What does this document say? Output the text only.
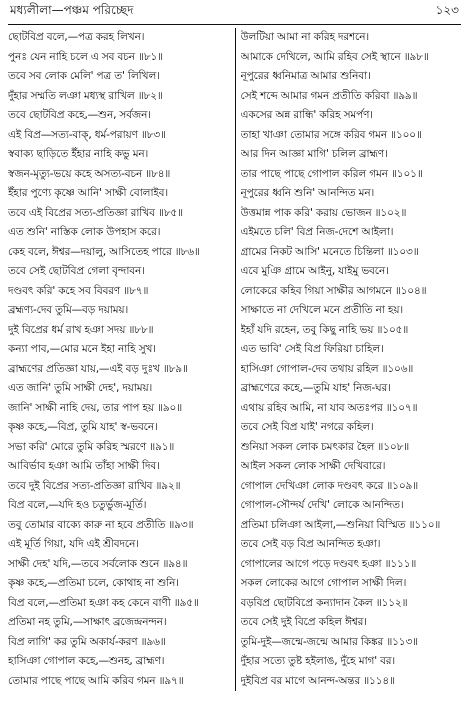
মধ্যলীলা—পঞ্চম পরিচ্ছেদ	১২৩
ছোটবিপ্র বলে,—পত্র করহ লিখন।
পুনঃ যেন নাহি চলে এ সব বচন ॥৮১॥
তবে সব লোক মেলি' পত্র ত' লিখিল।
দুঁহার সম্মতি লঞা মধ্যস্থ রাখিল ॥৮২॥
তবে ছোটবিপ্র কহে,—শুন, সর্বজন।
এই বিপ্র—সত্য-বাক্, ধর্ম-পরায়ণ ॥৮৩॥
স্ববাক্য ছাড়িতে ইঁহার নাহি কভু মন।
স্বজন-মৃত্যু-ভয়ে কহে অসত্য-বচন ॥৮৪॥
ইঁহার পুণ্যে কৃষ্ণে আনি' সাক্ষী বোলাইব।
তবে এই বিপ্রের সত্য-প্রতিজ্ঞা রাখিব ॥৮৫॥
এত শুনি' নাস্তিক লোক উপহাস করে।
কেহ বলে, ঈশ্বর—দয়ালু, আসিতেহ পারে ॥৮৬॥
তবে সেই ছোটবিপ্র গেলা বৃন্দাবন।
দণ্ডবৎ করি' কহে সব বিবরণ ॥৮৭॥
ব্রহ্মণ্য-দেব তুমি—বড় দয়াময়।
দুই বিপ্রের ধর্ম রাখ হঞা সদয় ॥৮৮॥
কন্যা পাব,—মোর মনে ইহা নাহি সুখ।
ব্রাহ্মণের প্রতিজ্ঞা যায়,—এই বড় দুঃখ ॥৮৯॥
এত জানি' তুমি সাক্ষী দেহ', দয়াময়।
জানি' সাক্ষী নাহি দেয়, তার পাপ হয় ॥৯০॥
কৃষ্ণ কহে,—বিপ্র, তুমি যাহ' স্ব-ভবনে।
সভা করি' মোরে তুমি করিহ স্মরণে ॥৯১॥
আবির্ভাব হঞা আমি তাঁহা সাক্ষী দিব।
তবে দুই বিপ্রের সত্য-প্রতিজ্ঞা রাখিব ॥৯২॥
বিপ্র বলে,—যদি হও চতুর্ভুজ-মূর্তি।
তবু তোমার বাক্যে কারু না হবে প্রতীতি ॥৯৩॥
এই মূর্তি গিয়া, যদি এই শ্রীবদনে।
সাক্ষী দেহ' যদি,—তবে সর্বলোক শুনে ॥৯৪॥
কৃষ্ণ কহে,—প্রতিমা চলে, কোথাহ না শুনি।
বিপ্র বলে,—প্রতিমা হঞা কহ কেনে বাণী ॥৯৫॥
প্রতিমা নহ তুমি,—সাক্ষাৎ ব্রজেন্দ্রনন্দন।
বিপ্র লাগি' কর তুমি অকার্য-করণ ॥৯৬॥
হাসিঞা গোপাল কহে,—শুনহ, ব্রাহ্মণ।
তোমার পাছে পাছে আমি করিব গমন ॥৯৭॥
উলটিয়া আমা না করিহ দরশনে।
আমাকে দেখিলে, আমি রহিব সেই স্থানে ॥৯৮॥
নূপুরের ধ্বনিমাত্র আমার শুনিবা।
সেই শব্দে আমার গমন প্রতীতি করিবা ॥৯৯॥
একসের অন্ন রান্ধি' করিহ সমর্পণ।
তাহা খাঞা তোমার সঙ্গে করিব গমন ॥১০০॥
আর দিন আজ্ঞা মাগি' চলিল ব্রাহ্মণ।
তার পাছে পাছে গোপাল করিল গমন ॥১০১॥
নূপুরের ধ্বনি শুনি' আনন্দিত মন।
উত্তমান্ন পাক করি' করায় ভোজন ॥১০২॥
এইমতে চলি' বিপ্র নিজ-দেশে আইলা।
গ্রামের নিকট আসি' মনেতে চিন্তিলা ॥১০৩॥
এবে মুঞি গ্রামে আইনু, যাইমু ভবনে।
লোকেরে কহিব গিয়া সাক্ষীর আগমনে ॥১০৪॥
সাক্ষাতে না দেখিলে মনে প্রতীতি না হয়।
ইহাঁ যদি রহেন, তবু কিছু নাহি ভয় ॥১০৫॥
এত ভাবি' সেই বিপ্র ফিরিয়া চাহিল।
হাসিঞা গোপাল-দেব তথায় রহিল ॥১০৬॥
ব্রাহ্মণেরে কহে,—তুমি যাহ' নিজ-ঘর।
এথায় রহিব আমি, না যাব অতঃপর ॥১০৭॥
তবে সেই বিপ্র যাই' নগরে কহিল।
শুনিয়া সকল লোক চমৎকার হৈল ॥১০৮॥
আইল সকল লোক সাক্ষী দেখিবারে।
গোপাল দেখিঞা লোক দণ্ডবৎ করে ॥১০৯॥
গোপাল-সৌন্দর্য দেখি' লোকে আনন্দিত।
প্রতিমা চলিঞা আইলা,—শুনিয়া বিস্মিত ॥১১০॥
তবে সেই বড় বিপ্র আনন্দিত হঞা।
গোপালের আগে পড়ে দণ্ডবৎ হঞা ॥১১১॥
সকল লোকের আগে গোপাল সাক্ষী দিল।
বড়বিপ্র ছোটবিপ্রে কন্যাদান কৈল ॥১১২॥
তবে সেই দুই বিপ্রে কহিল ঈশ্বর।
তুমি-দুই—জন্মে-জন্মে আমার কিঙ্কর ॥১১৩॥
দুঁহার সত্যে তুষ্ট হইলাঙ, দুঁহে মাগ' বর।
দুইবিপ্র বর মাগে আনন্দ-অন্তর ॥১১৪॥
